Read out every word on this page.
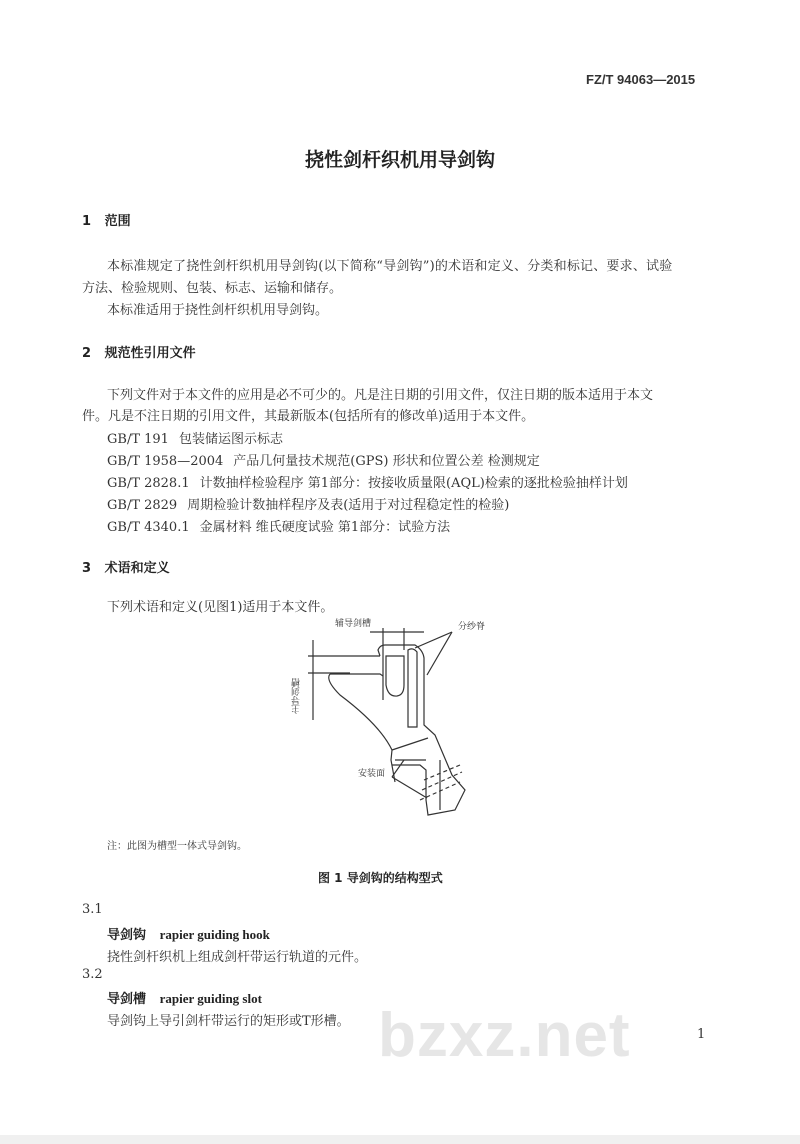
FZ/T 94063—2015
挠性剑杆织机用导剑钩
1 范围
本标准规定了挠性剑杆织机用导剑钩(以下简称“导剑钩”)的术语和定义、分类和标记、要求、试验
方法、检验规则、包装、标志、运输和储存。
本标准适用于挠性剑杆织机用导剑钩。
2 规范性引用文件
下列文件对于本文件的应用是必不可少的。凡是注日期的引用文件，仅注日期的版本适用于本文
件。凡是不注日期的引用文件，其最新版本(包括所有的修改单)适用于本文件。
GB/T 191 包装储运图示标志
GB/T 1958—2004 产品几何量技术规范(GPS) 形状和位置公差 检测规定
GB/T 2828.1 计数抽样检验程序 第1部分：按接收质量限(AQL)检索的逐批检验抽样计划
GB/T 2829 周期检验计数抽样程序及表(适用于对过程稳定性的检验)
GB/T 4340.1 金属材料 维氏硬度试验 第1部分：试验方法
3 术语和定义
下列术语和定义(见图1)适用于本文件。
辅导剑槽	分纱脊
主导剑槽
安装面
注：此图为槽型一体式导剑钩。
图 1 导剑钩的结构型式
3.1
导剑钩 rapier guiding hook
挠性剑杆织机上组成剑杆带运行轨道的元件。
3.2
导剑槽 rapier guiding slot
导剑钩上导引剑杆带运行的矩形或T形槽。 bzxz.net	1
